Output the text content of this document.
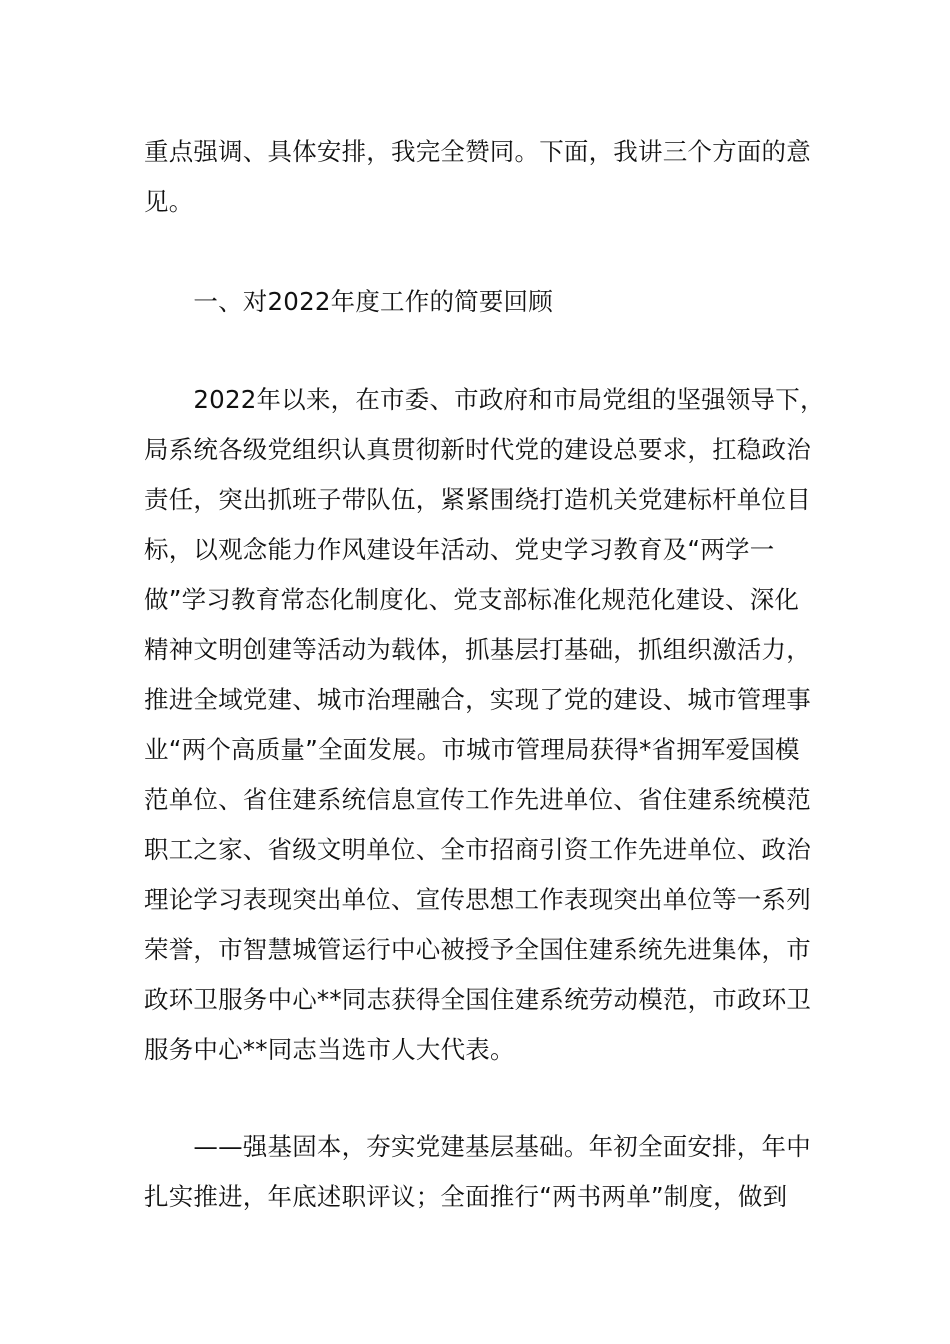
重点强调、具体安排，我完全赞同。下面，我讲三个方面的意
见。
　　一、对2022年度工作的简要回顾
　　2022年以来，在市委、市政府和市局党组的坚强领导下，
局系统各级党组织认真贯彻新时代党的建设总要求，扛稳政治
责任，突出抓班子带队伍，紧紧围绕打造机关党建标杆单位目
标，以观念能力作风建设年活动、党史学习教育及“两学一
做”学习教育常态化制度化、党支部标准化规范化建设、深化
精神文明创建等活动为载体，抓基层打基础，抓组织激活力，
推进全域党建、城市治理融合，实现了党的建设、城市管理事
业“两个高质量”全面发展。市城市管理局获得*省拥军爱国模
范单位、省住建系统信息宣传工作先进单位、省住建系统模范
职工之家、省级文明单位、全市招商引资工作先进单位、政治
理论学习表现突出单位、宣传思想工作表现突出单位等一系列
荣誉，市智慧城管运行中心被授予全国住建系统先进集体，市
政环卫服务中心**同志获得全国住建系统劳动模范，市政环卫
服务中心**同志当选市人大代表。
　　——强基固本，夯实党建基层基础。年初全面安排，年中
扎实推进，年底述职评议；全面推行“两书两单”制度，做到
